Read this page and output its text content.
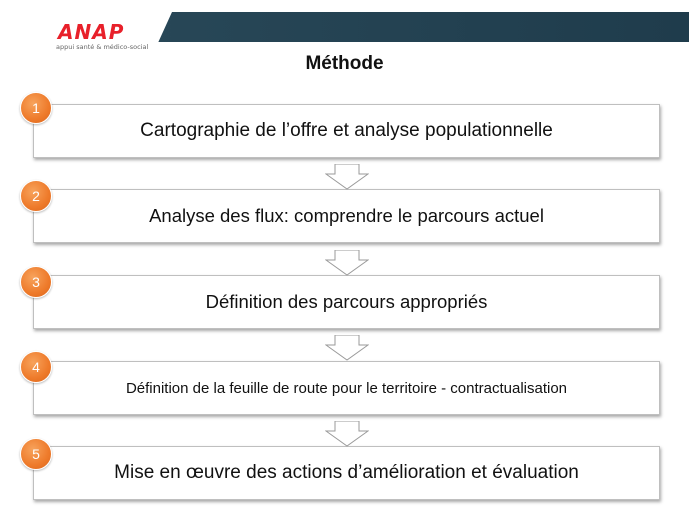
ANAP
appui santé & médico-social
Méthode
1
Cartographie de l’offre et analyse populationnelle
2
Analyse des flux: comprendre le parcours actuel
3
Définition des parcours appropriés
4
Définition de la feuille de route pour le territoire - contractualisation
5
Mise en œuvre des actions d’amélioration et évaluation
